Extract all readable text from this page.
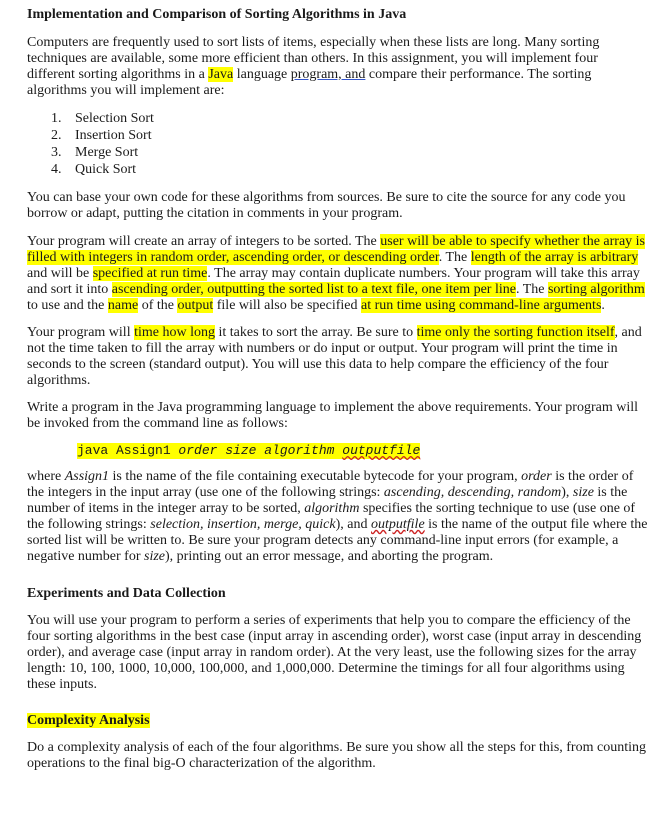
Implementation and Comparison of Sorting Algorithms in Java

Computers are frequently used to sort lists of items, especially when these lists are long. Many sorting techniques are available, some more efficient than others. In this assignment, you will implement four different sorting algorithms in a Java language program, and compare their performance. The sorting algorithms you will implement are:

1. Selection Sort
2. Insertion Sort
3. Merge Sort
4. Quick Sort

You can base your own code for these algorithms from sources. Be sure to cite the source for any code you borrow or adapt, putting the citation in comments in your program.

Your program will create an array of integers to be sorted. The user will be able to specify whether the array is filled with integers in random order, ascending order, or descending order. The length of the array is arbitrary and will be specified at run time. The array may contain duplicate numbers. Your program will take this array and sort it into ascending order, outputting the sorted list to a text file, one item per line. The sorting algorithm to use and the name of the output file will also be specified at run time using command-line arguments.

Your program will time how long it takes to sort the array. Be sure to time only the sorting function itself, and not the time taken to fill the array with numbers or do input or output. Your program will print the time in seconds to the screen (standard output). You will use this data to help compare the efficiency of the four algorithms.

Write a program in the Java programming language to implement the above requirements. Your program will be invoked from the command line as follows:

java Assign1 order size algorithm outputfile

where Assign1 is the name of the file containing executable bytecode for your program, order is the order of the integers in the input array (use one of the following strings: ascending, descending, random), size is the number of items in the integer array to be sorted, algorithm specifies the sorting technique to use (use one of the following strings: selection, insertion, merge, quick), and outputfile is the name of the output file where the sorted list will be written to. Be sure your program detects any command-line input errors (for example, a negative number for size), printing out an error message, and aborting the program.

Experiments and Data Collection

You will use your program to perform a series of experiments that help you to compare the efficiency of the four sorting algorithms in the best case (input array in ascending order), worst case (input array in descending order), and average case (input array in random order). At the very least, use the following sizes for the array length: 10, 100, 1000, 10,000, 100,000, and 1,000,000. Determine the timings for all four algorithms using these inputs.

Complexity Analysis

Do a complexity analysis of each of the four algorithms. Be sure you show all the steps for this, from counting operations to the final big-O characterization of the algorithm.
